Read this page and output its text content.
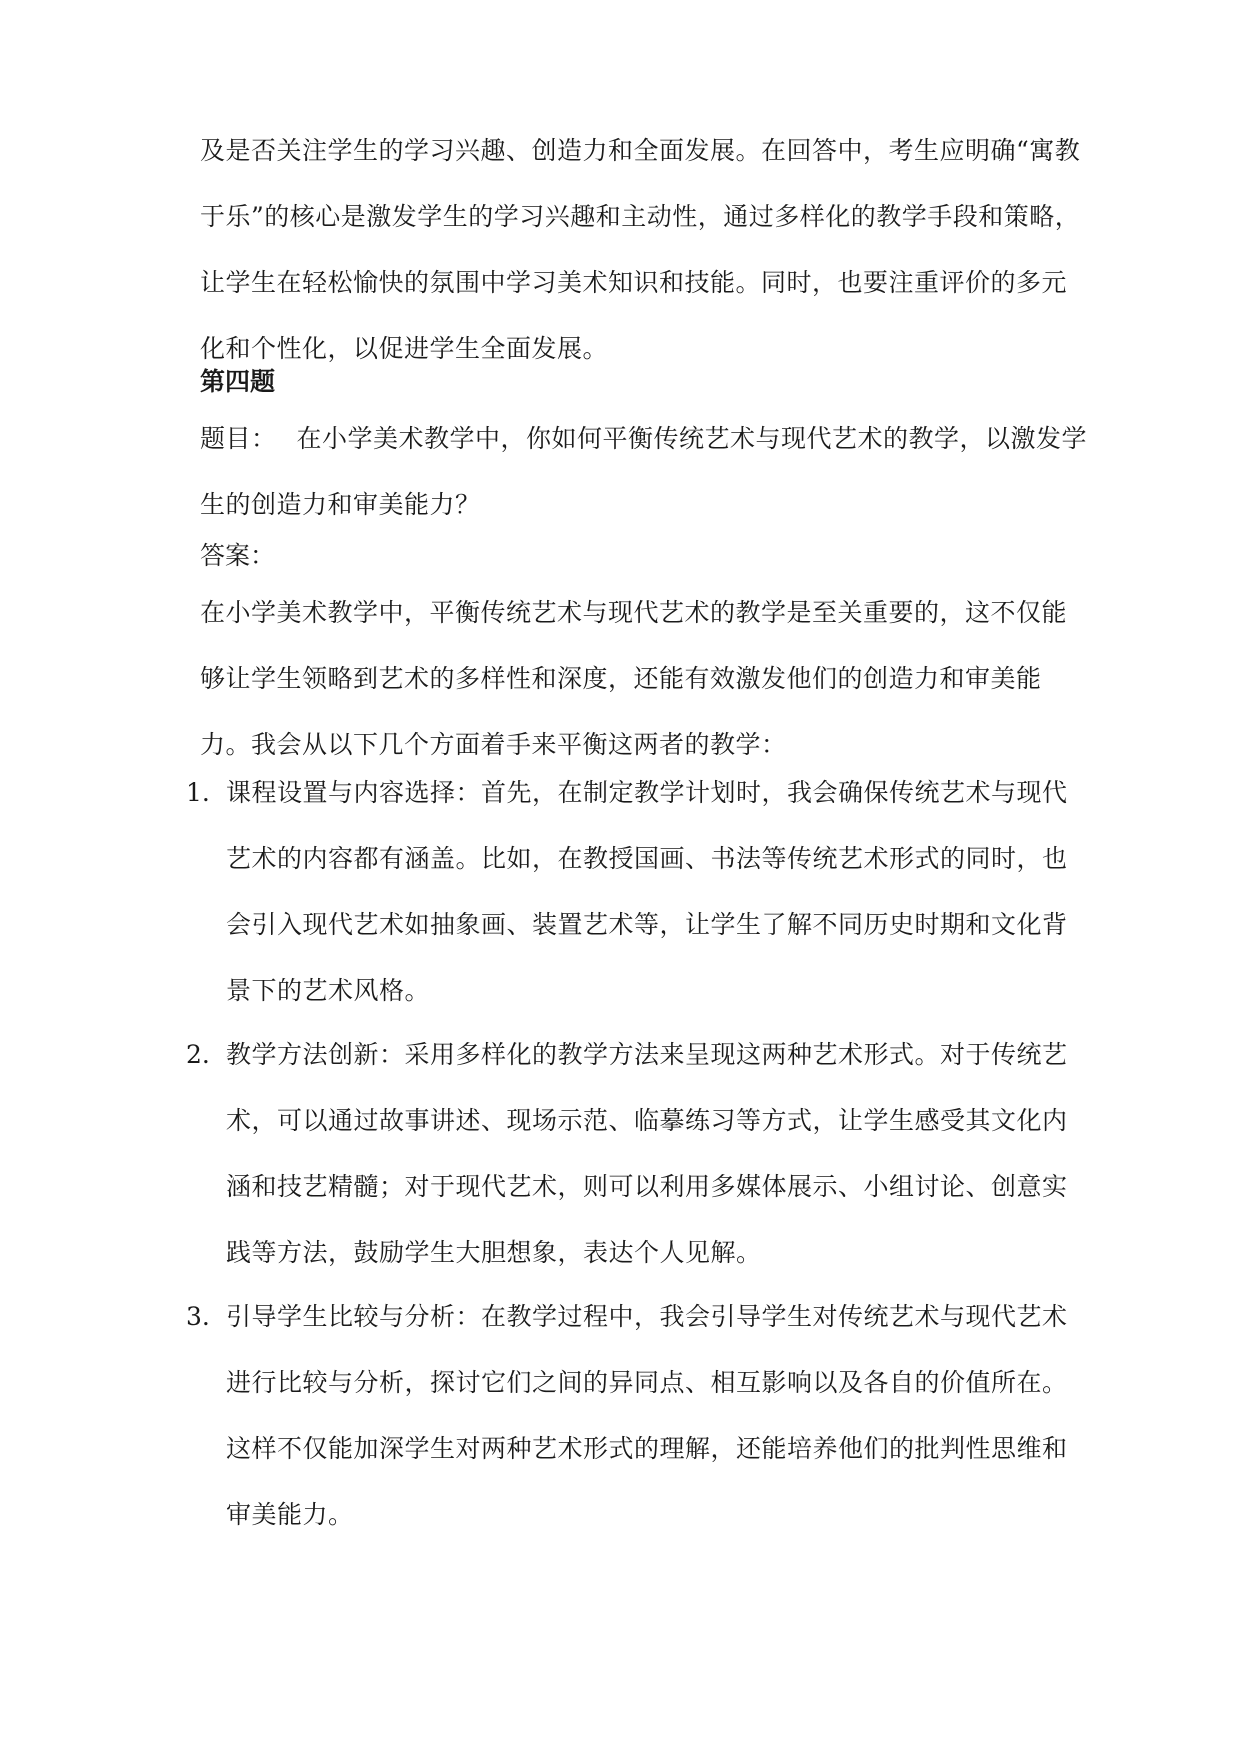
及是否关注学生的学习兴趣、创造力和全面发展。在回答中，考生应明确“寓教于乐”的核心是激发学生的学习兴趣和主动性，通过多样化的教学手段和策略，让学生在轻松愉快的氛围中学习美术知识和技能。同时，也要注重评价的多元化和个性化，以促进学生全面发展。

第四题

题目： 在小学美术教学中，你如何平衡传统艺术与现代艺术的教学，以激发学生的创造力和审美能力？

答案：

在小学美术教学中，平衡传统艺术与现代艺术的教学是至关重要的，这不仅能够让学生领略到艺术的多样性和深度，还能有效激发他们的创造力和审美能力。我会从以下几个方面着手来平衡这两者的教学：

1. 课程设置与内容选择：首先，在制定教学计划时，我会确保传统艺术与现代艺术的内容都有涵盖。比如，在教授国画、书法等传统艺术形式的同时，也会引入现代艺术如抽象画、装置艺术等，让学生了解不同历史时期和文化背景下的艺术风格。
2. 教学方法创新：采用多样化的教学方法来呈现这两种艺术形式。对于传统艺术，可以通过故事讲述、现场示范、临摹练习等方式，让学生感受其文化内涵和技艺精髓；对于现代艺术，则可以利用多媒体展示、小组讨论、创意实践等方法，鼓励学生大胆想象，表达个人见解。
3. 引导学生比较与分析：在教学过程中，我会引导学生对传统艺术与现代艺术进行比较与分析，探讨它们之间的异同点、相互影响以及各自的价值所在。这样不仅能加深学生对两种艺术形式的理解，还能培养他们的批判性思维和审美能力。
